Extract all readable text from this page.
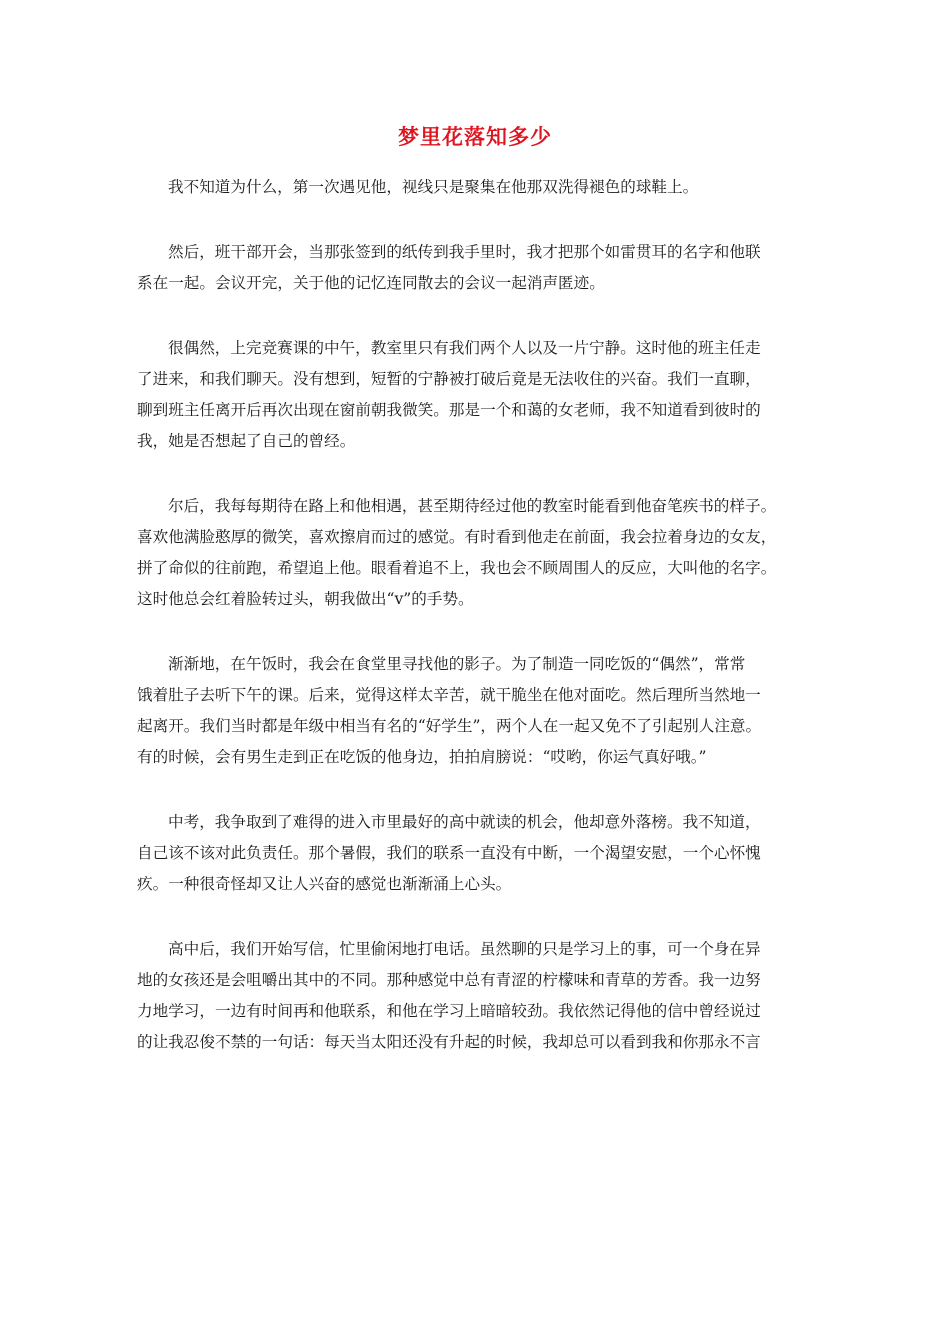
梦里花落知多少

我不知道为什么，第一次遇见他，视线只是聚集在他那双洗得褪色的球鞋上。

然后，班干部开会，当那张签到的纸传到我手里时，我才把那个如雷贯耳的名字和他联
系在一起。会议开完，关于他的记忆连同散去的会议一起消声匿迹。

很偶然，上完竞赛课的中午，教室里只有我们两个人以及一片宁静。这时他的班主任走
了进来，和我们聊天。没有想到，短暂的宁静被打破后竟是无法收住的兴奋。我们一直聊，
聊到班主任离开后再次出现在窗前朝我微笑。那是一个和蔼的女老师，我不知道看到彼时的
我，她是否想起了自己的曾经。

尔后，我每每期待在路上和他相遇，甚至期待经过他的教室时能看到他奋笔疾书的样子。
喜欢他满脸憨厚的微笑，喜欢擦肩而过的感觉。有时看到他走在前面，我会拉着身边的女友，
拼了命似的往前跑，希望追上他。眼看着追不上，我也会不顾周围人的反应，大叫他的名字。
这时他总会红着脸转过头，朝我做出“v”的手势。

渐渐地，在午饭时，我会在食堂里寻找他的影子。为了制造一同吃饭的“偶然”，常常
饿着肚子去听下午的课。后来，觉得这样太辛苦，就干脆坐在他对面吃。然后理所当然地一
起离开。我们当时都是年级中相当有名的“好学生”，两个人在一起又免不了引起别人注意。
有的时候，会有男生走到正在吃饭的他身边，拍拍肩膀说：“哎哟，你运气真好哦。”

中考，我争取到了难得的进入市里最好的高中就读的机会，他却意外落榜。我不知道，
自己该不该对此负责任。那个暑假，我们的联系一直没有中断，一个渴望安慰，一个心怀愧
疚。一种很奇怪却又让人兴奋的感觉也渐渐涌上心头。

高中后，我们开始写信，忙里偷闲地打电话。虽然聊的只是学习上的事，可一个身在异
地的女孩还是会咀嚼出其中的不同。那种感觉中总有青涩的柠檬味和青草的芳香。我一边努
力地学习，一边有时间再和他联系，和他在学习上暗暗较劲。我依然记得他的信中曾经说过
的让我忍俊不禁的一句话：每天当太阳还没有升起的时候，我却总可以看到我和你那永不言
